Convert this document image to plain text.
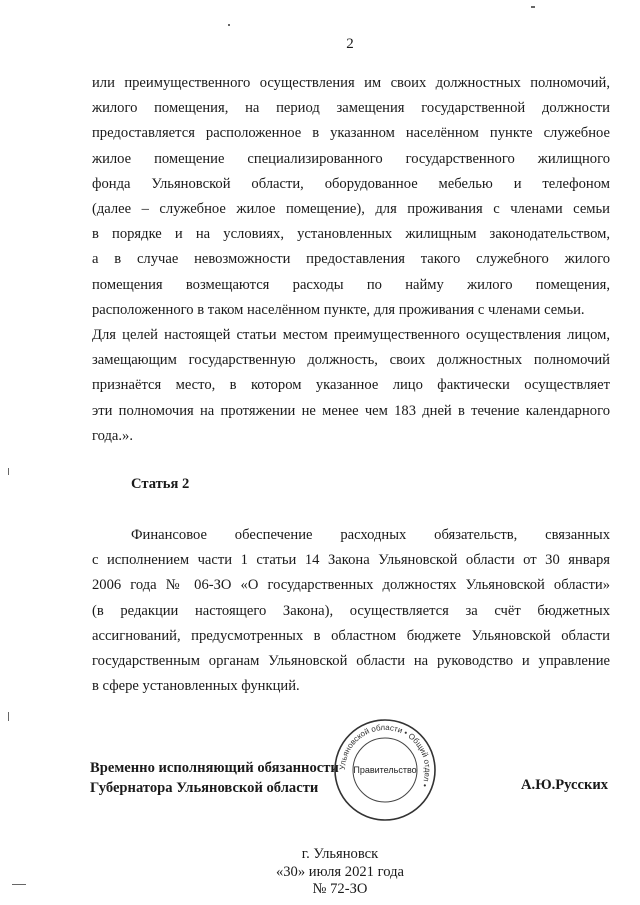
2
или преимущественного осуществления им своих должностных полномочий,
жилого помещения, на период замещения государственной должности
предоставляется расположенное в указанном населённом пункте служебное
жилое помещение специализированного государственного жилищного
фонда Ульяновской области, оборудованное мебелью и телефоном
(далее – служебное жилое помещение), для проживания с членами семьи
в порядке и на условиях, установленных жилищным законодательством,
а в случае невозможности предоставления такого служебного жилого
помещения возмещаются расходы по найму жилого помещения,
расположенного в таком населённом пункте, для проживания с членами семьи.
Для целей настоящей статьи местом преимущественного осуществления лицом,
замещающим государственную должность, своих должностных полномочий
признаётся место, в котором указанное лицо фактически осуществляет
эти полномочия на протяжении не менее чем 183 дней в течение календарного
года.».
Статья 2
Финансовое обеспечение расходных обязательств, связанных
с исполнением части 1 статьи 14 Закона Ульяновской области от 30 января
2006 года № 06-ЗО «О государственных должностях Ульяновской области»
(в редакции настоящего Закона), осуществляется за счёт бюджетных
ассигнований, предусмотренных в областном бюджете Ульяновской области
государственным органам Ульяновской области на руководство и управление
в сфере установленных функций.
Временно исполняющий обязанности
Губернатора Ульяновской области
Ульяновской области • Общий отдел •
Правительство
А.Ю.Русских
г. Ульяновск
«30» июля 2021 года
№ 72-ЗО
